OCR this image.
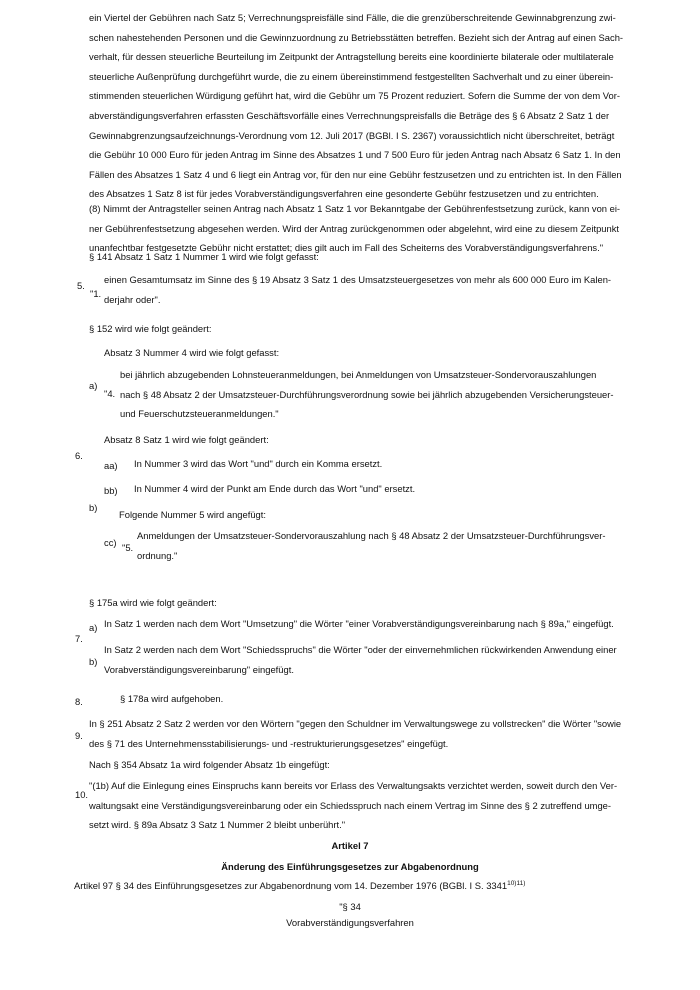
ein Viertel der Gebühren nach Satz 5; Verrechnungspreisfälle sind Fälle, die die grenzüberschreitende Gewinnabgrenzung zwi-
schen nahestehenden Personen und die Gewinnzuordnung zu Betriebsstätten betreffen. Bezieht sich der Antrag auf einen Sach-
verhalt, für dessen steuerliche Beurteilung im Zeitpunkt der Antragstellung bereits eine koordinierte bilaterale oder multilaterale
steuerliche Außenprüfung durchgeführt wurde, die zu einem übereinstimmend festgestellten Sachverhalt und zu einer überein-
stimmenden steuerlichen Würdigung geführt hat, wird die Gebühr um 75 Prozent reduziert. Sofern die Summe der von dem Vor-
abverständigungsverfahren erfassten Geschäftsvorfälle eines Verrechnungspreisfalls die Beträge des § 6 Absatz 2 Satz 1 der
Gewinnabgrenzungsaufzeichnungs-Verordnung vom 12. Juli 2017 (BGBl. I S. 2367) voraussichtlich nicht überschreitet, beträgt
die Gebühr 10 000 Euro für jeden Antrag im Sinne des Absatzes 1 und 7 500 Euro für jeden Antrag nach Absatz 6 Satz 1. In den
Fällen des Absatzes 1 Satz 4 und 6 liegt ein Antrag vor, für den nur eine Gebühr festzusetzen und zu entrichten ist. In den Fällen
des Absatzes 1 Satz 8 ist für jedes Vorabverständigungsverfahren eine gesonderte Gebühr festzusetzen und zu entrichten.
(8) Nimmt der Antragsteller seinen Antrag nach Absatz 1 Satz 1 vor Bekanntgabe der Gebührenfestsetzung zurück, kann von ei-
ner Gebührenfestsetzung abgesehen werden. Wird der Antrag zurückgenommen oder abgelehnt, wird eine zu diesem Zeitpunkt
unanfechtbar festgesetzte Gebühr nicht erstattet; dies gilt auch im Fall des Scheiterns des Vorabverständigungsverfahrens."
§ 141 Absatz 1 Satz 1 Nummer 1 wird wie folgt gefasst:
5.
"1.
einen Gesamtumsatz im Sinne des § 19 Absatz 3 Satz 1 des Umsatzsteuergesetzes von mehr als 600 000 Euro im Kalen-
derjahr oder".
§ 152 wird wie folgt geändert:
Absatz 3 Nummer 4 wird wie folgt gefasst:
a)
"4.
bei jährlich abzugebenden Lohnsteueranmeldungen, bei Anmeldungen von Umsatzsteuer-Sondervorauszahlungen
nach § 48 Absatz 2 der Umsatzsteuer-Durchführungsverordnung sowie bei jährlich abzugebenden Versicherungsteuer-
und Feuerschutzsteueranmeldungen."
Absatz 8 Satz 1 wird wie folgt geändert:
6.
aa) In Nummer 3 wird das Wort "und" durch ein Komma ersetzt.
bb) In Nummer 4 wird der Punkt am Ende durch das Wort "und" ersetzt.
b)
Folgende Nummer 5 wird angefügt:
cc) "5.
Anmeldungen der Umsatzsteuer-Sondervorauszahlung nach § 48 Absatz 2 der Umsatzsteuer-Durchführungsver-
ordnung."
§ 175a wird wie folgt geändert:
a) In Satz 1 werden nach dem Wort "Umsetzung" die Wörter "einer Vorabverständigungsvereinbarung nach § 89a," eingefügt.
7.
b)
In Satz 2 werden nach dem Wort "Schiedsspruchs" die Wörter "oder der einvernehmlichen rückwirkenden Anwendung einer
Vorabverständigungsvereinbarung" eingefügt.
8.	§ 178a wird aufgehoben.
9.
In § 251 Absatz 2 Satz 2 werden vor den Wörtern "gegen den Schuldner im Verwaltungswege zu vollstrecken" die Wörter "sowie
des § 71 des Unternehmensstabilisierungs- und -restrukturierungsgesetzes" eingefügt.
Nach § 354 Absatz 1a wird folgender Absatz 1b eingefügt:
10.
"(1b) Auf die Einlegung eines Einspruchs kann bereits vor Erlass des Verwaltungsakts verzichtet werden, soweit durch den Ver-
waltungsakt eine Verständigungsvereinbarung oder ein Schiedsspruch nach einem Vertrag im Sinne des § 2 zutreffend umge-
setzt wird. § 89a Absatz 3 Satz 1 Nummer 2 bleibt unberührt."
Artikel 7
Änderung des Einführungsgesetzes zur Abgabenordnung
Artikel 97 § 34 des Einführungsgesetzes zur Abgabenordnung vom 14. Dezember 1976 (BGBl. I S. $3341^{10)11)}$
"§ 34
Vorabverständigungsverfahren
